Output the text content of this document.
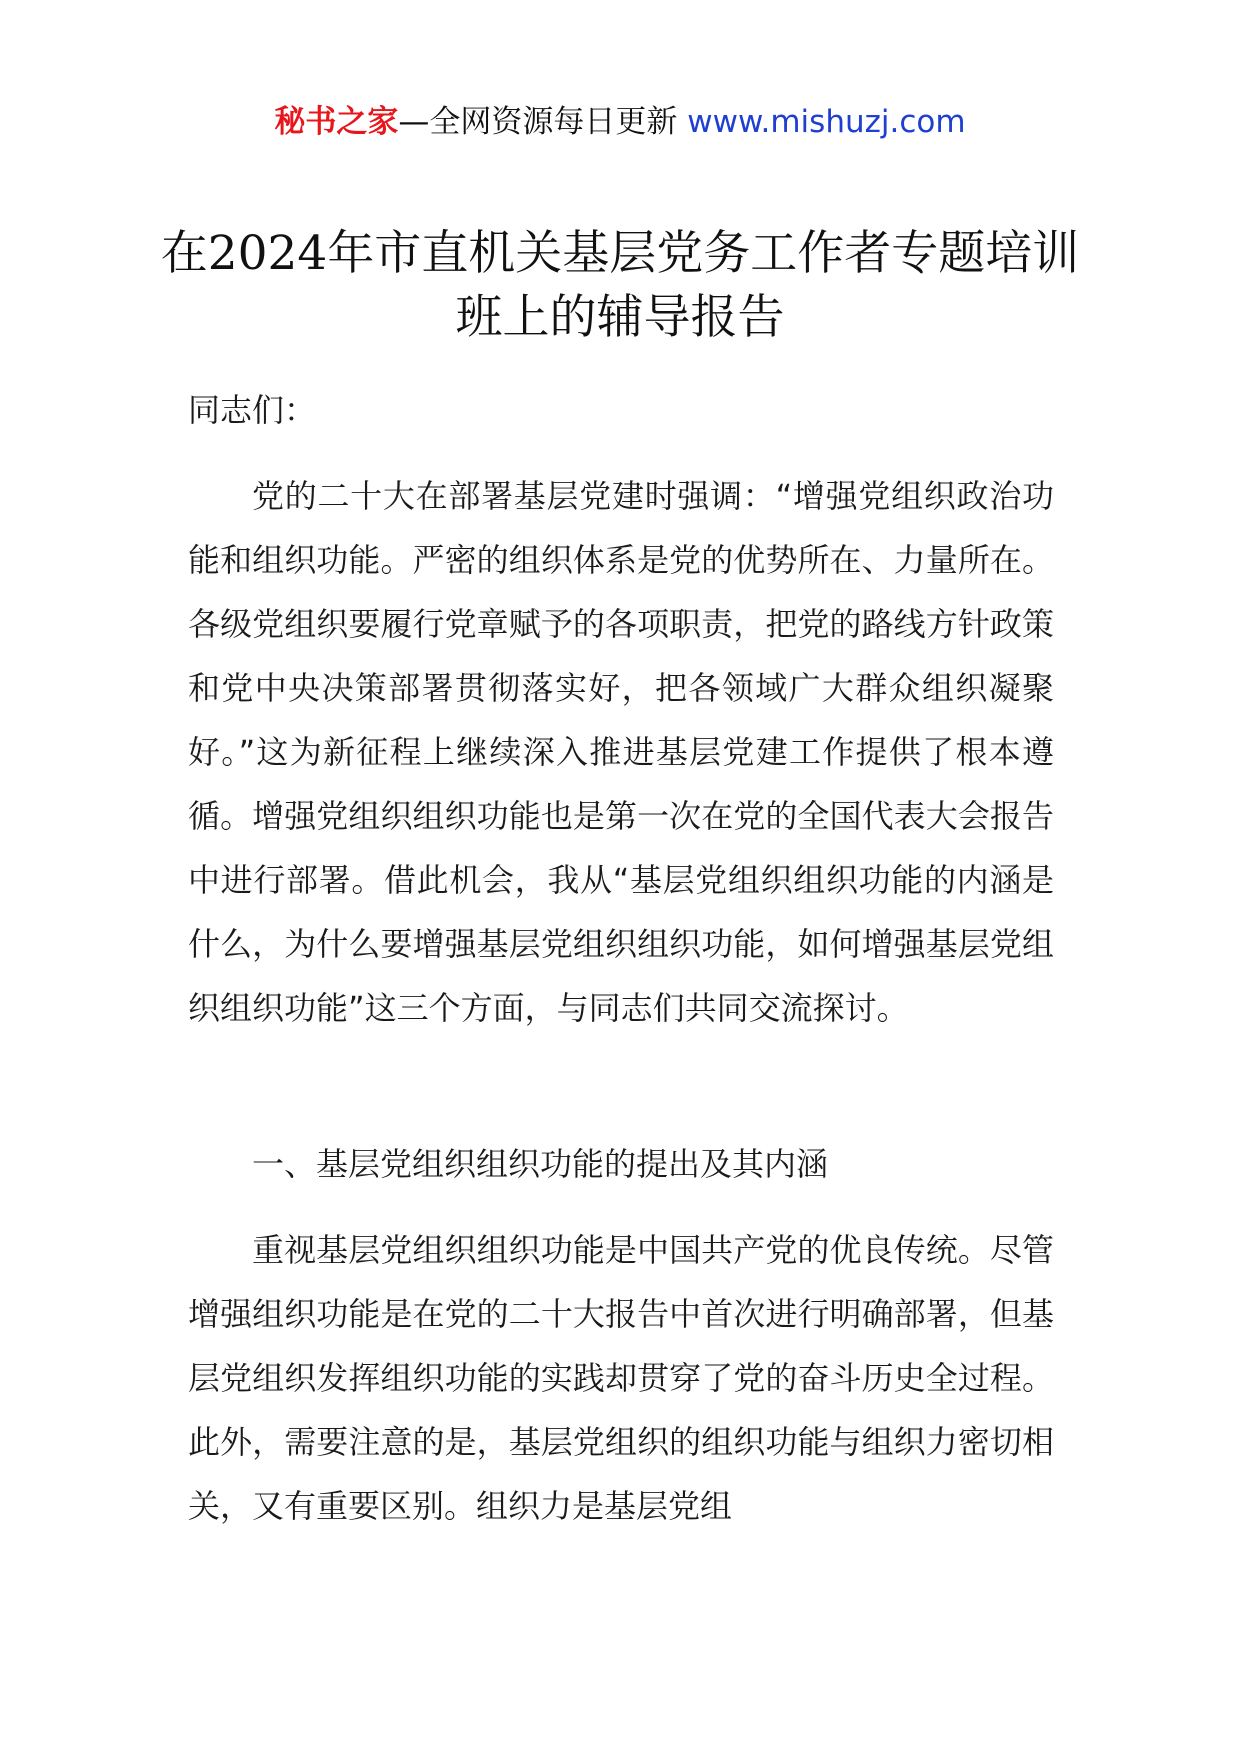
秘书之家—全网资源每日更新 www.mishuzj.com
在2024年市直机关基层党务工作者专题培训班上的辅导报告

同志们：

党的二十大在部署基层党建时强调：“增强党组织政治功能和组织功能。严密的组织体系是党的优势所在、力量所在。各级党组织要履行党章赋予的各项职责，把党的路线方针政策和党中央决策部署贯彻落实好，把各领域广大群众组织凝聚好。”这为新征程上继续深入推进基层党建工作提供了根本遵循。增强党组织组织功能也是第一次在党的全国代表大会报告中进行部署。借此机会，我从“基层党组织组织功能的内涵是什么，为什么要增强基层党组织组织功能，如何增强基层党组织组织功能”这三个方面，与同志们共同交流探讨。

一、基层党组织组织功能的提出及其内涵

重视基层党组织组织功能是中国共产党的优良传统。尽管增强组织功能是在党的二十大报告中首次进行明确部署，但基层党组织发挥组织功能的实践却贯穿了党的奋斗历史全过程。此外，需要注意的是，基层党组织的组织功能与组织力密切相关，又有重要区别。组织力是基层党组
